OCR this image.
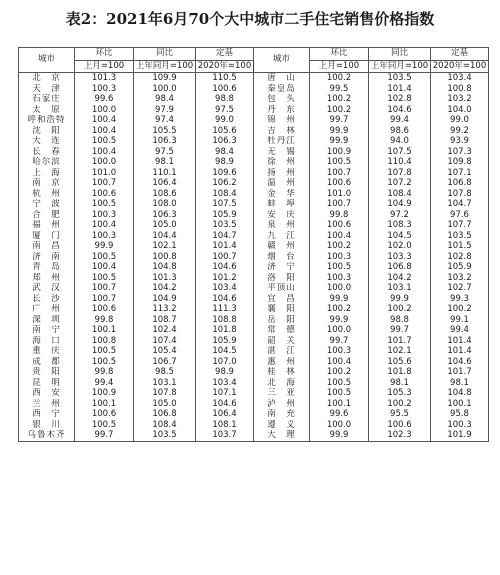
表2：2021年6月70个大中城市二手住宅销售价格指数
城市	环比	同比	定基	城市	环比	同比	定基
	上月=100	上年同月=100	2020年=100		上月=100	上年同月=100	2020年=100
北　京	101.3	109.9	110.5	唐　山	100.2	103.5	103.4
天　津	100.3	100.0	100.6	秦皇岛	99.5	101.4	100.8
石家庄	99.6	98.4	98.8	包　头	100.2	102.8	103.2
太　原	100.0	97.9	97.5	丹　东	100.2	104.6	104.0
呼和浩特	100.4	97.4	99.0	锦　州	99.7	99.4	99.0
沈　阳	100.4	105.5	105.6	吉　林	99.9	98.6	99.2
大　连	100.5	106.3	106.3	牡丹江	99.9	94.0	93.9
长　春	100.4	97.5	98.4	无　锡	100.9	107.5	107.3
哈尔滨	100.0	98.1	98.9	徐　州	100.5	110.4	109.8
上　海	101.0	110.1	109.6	扬　州	100.7	107.8	107.1
南　京	100.7	106.4	106.2	温　州	100.6	107.2	106.8
杭　州	100.6	108.6	108.4	金　华	101.0	108.4	107.8
宁　波	100.5	108.0	107.5	蚌　埠	100.7	104.9	104.7
合　肥	100.3	106.3	105.9	安　庆	99.8	97.2	97.6
福　州	100.4	105.0	103.5	泉　州	100.6	108.3	107.7
厦　门	100.3	104.4	104.7	九　江	100.4	104.5	103.5
南　昌	99.9	102.1	101.4	赣　州	100.2	102.0	101.5
济　南	100.5	100.8	100.7	烟　台	100.3	103.3	102.8
青　岛	100.4	104.8	104.6	济　宁	100.5	106.8	105.9
郑　州	100.5	101.3	101.2	洛　阳	100.3	104.2	103.2
武　汉	100.7	104.2	103.4	平顶山	100.0	103.1	102.7
长　沙	100.7	104.9	104.6	宜　昌	99.9	99.9	99.3
广　州	100.6	113.2	111.3	襄　阳	100.2	100.2	100.2
深　圳	99.8	108.7	108.8	岳　阳	99.9	98.8	99.1
南　宁	100.1	102.4	101.8	常　德	100.0	99.7	99.4
海　口	100.8	107.4	105.9	韶　关	99.7	101.7	101.4
重　庆	100.5	105.4	104.5	湛　江	100.3	102.1	101.4
成　都	100.5	106.7	107.0	惠　州	100.4	105.6	104.6
贵　阳	99.8	98.5	98.9	桂　林	100.2	101.8	101.7
昆　明	99.4	103.1	103.4	北　海	100.5	98.1	98.1
西　安	100.9	107.8	107.1	三　亚	100.5	105.3	104.8
兰　州	100.1	105.0	104.6	泸　州	100.1	100.2	100.1
西　宁	100.6	106.8	106.4	南　充	99.6	95.5	95.8
银　川	100.5	108.4	108.1	遵　义	100.0	100.6	100.3
乌鲁木齐	99.7	103.5	103.7	大　理	99.9	102.3	101.9
